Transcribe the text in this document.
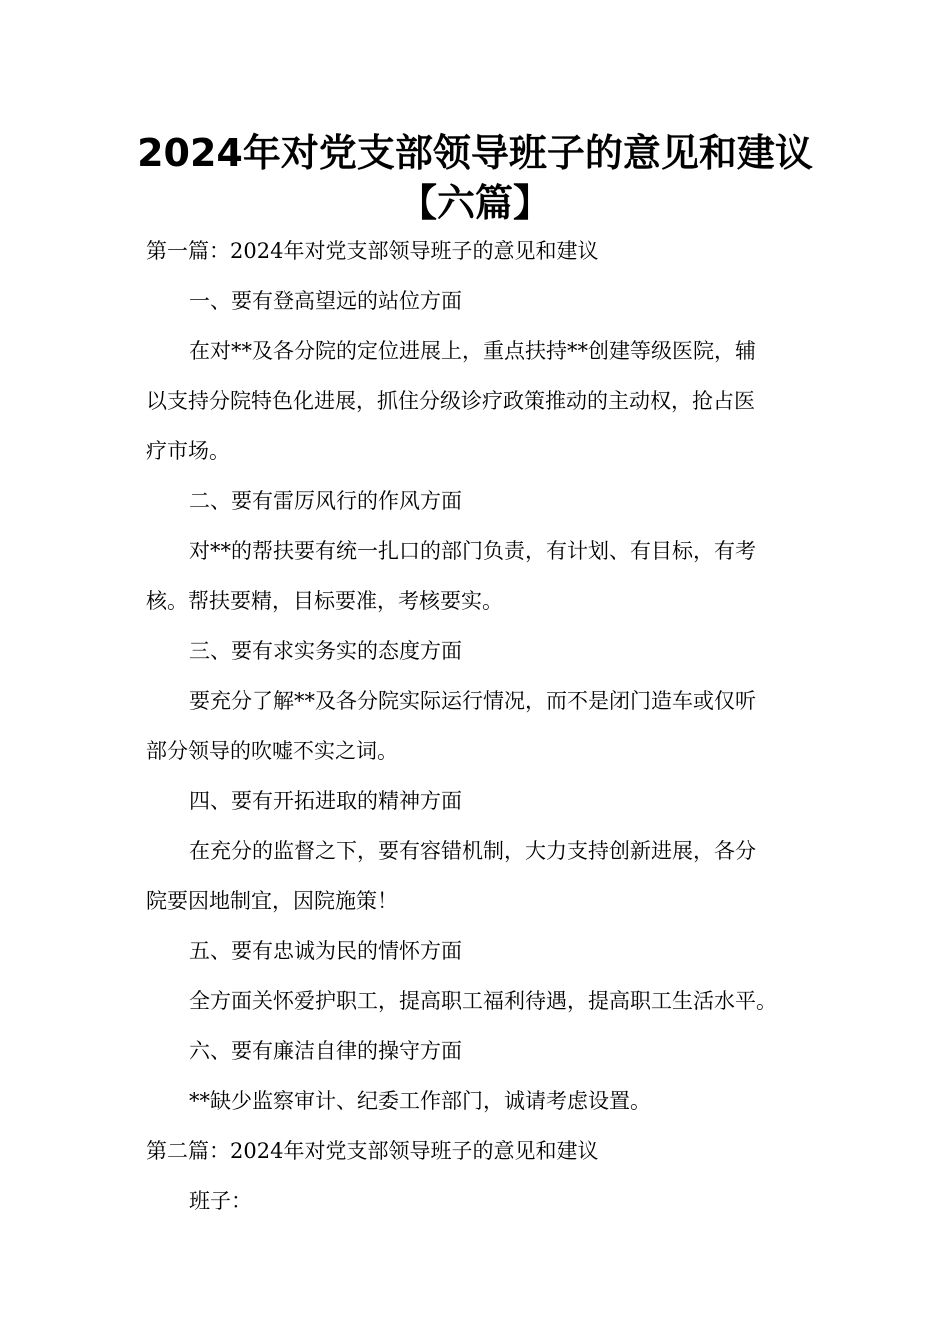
2024年对党支部领导班子的意见和建议
【六篇】
第一篇：2024年对党支部领导班子的意见和建议
一、要有登高望远的站位方面
在对**及各分院的定位进展上，重点扶持**创建等级医院，辅
以支持分院特色化进展，抓住分级诊疗政策推动的主动权，抢占医
疗市场。
二、要有雷厉风行的作风方面
对**的帮扶要有统一扎口的部门负责，有计划、有目标，有考
核。帮扶要精，目标要准，考核要实。
三、要有求实务实的态度方面
要充分了解**及各分院实际运行情况，而不是闭门造车或仅听
部分领导的吹嘘不实之词。
四、要有开拓进取的精神方面
在充分的监督之下，要有容错机制，大力支持创新进展，各分
院要因地制宜，因院施策！
五、要有忠诚为民的情怀方面
全方面关怀爱护职工，提高职工福利待遇，提高职工生活水平。
六、要有廉洁自律的操守方面
**缺少监察审计、纪委工作部门，诚请考虑设置。
第二篇：2024年对党支部领导班子的意见和建议
班子：
